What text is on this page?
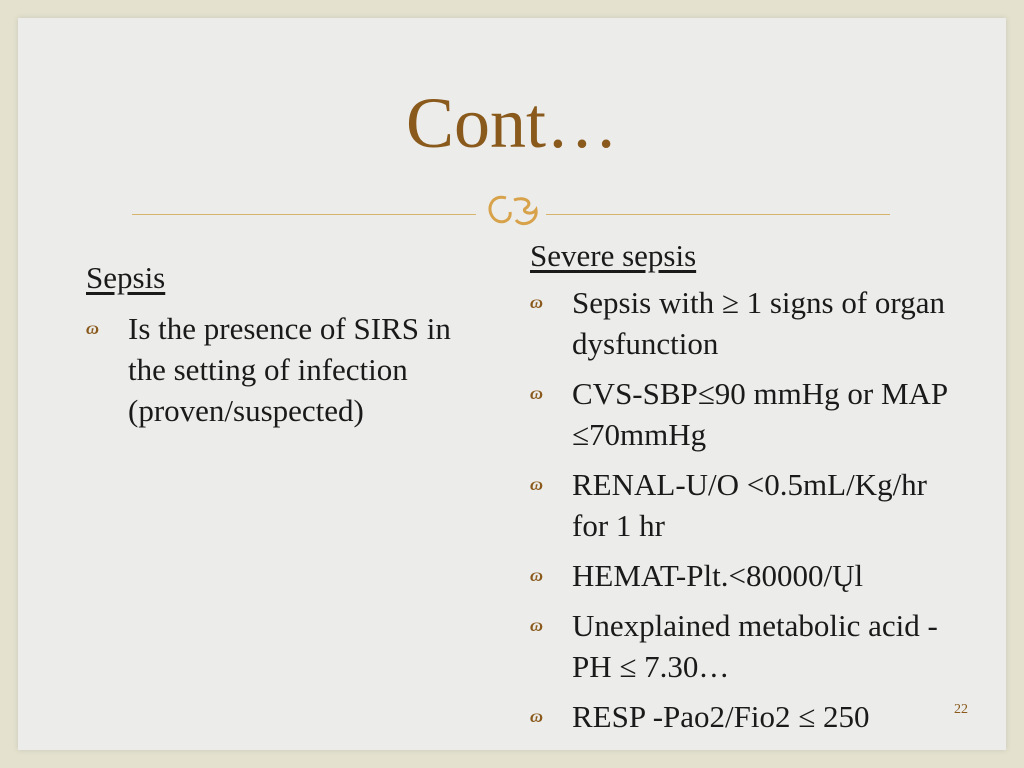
Cont…
Sepsis
ɷ Is the presence of SIRS in the setting of infection (proven/suspected)
Severe sepsis
ɷ Sepsis with ≥ 1 signs of organ dysfunction
ɷ CVS-SBP≤90 mmHg or MAP ≤70mmHg
ɷ RENAL-U/O <0.5mL/Kg/hr for 1 hr
ɷ HEMAT-Plt.<80000/Ųl
ɷ Unexplained metabolic acid -PH ≤ 7.30…
ɷ RESP -Pao2/Fio2 ≤ 250	22
